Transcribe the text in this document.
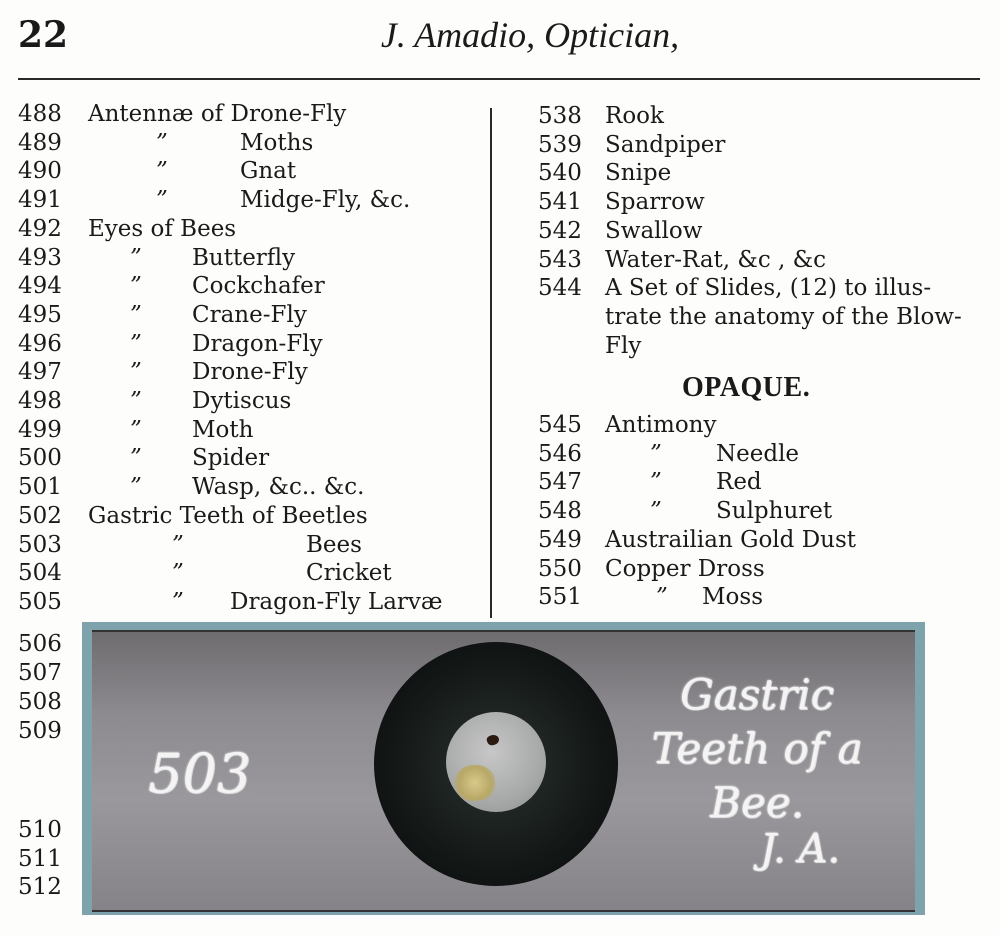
22	J. Amadio, Optician,
488 Antennæ of Drone-Fly
489	”	Moths
490	”	Gnat
491	”	Midge-Fly, &c.
492 Eyes of Bees
493	” Butterfly
494	” Cockchafer
495	” Crane-Fly
496	” Dragon-Fly
497	” Drone-Fly
498	” Dytiscus
499	” Moth
500	” Spider
501	” Wasp, &c.. &c.
502 Gastric Teeth of Beetles
503	”	Bees
504	”	Cricket
505	” Dragon-Fly Larvæ
506
507
508
509
510
511
512
538 Rook
539 Sandpiper
540 Snipe
541 Sparrow
542 Swallow
543 Water-Rat, &c , &c
544 A Set of Slides, (12) to illus-
trate the anatomy of the Blow-
Fly
OPAQUE.
545 Antimony
546	” Needle
547	” Red
548	” Sulphuret
549 Austrailian Gold Dust
550 Copper Dross
551	” Moss
503
Gastric
Teeth of a
Bee.
J. A.
